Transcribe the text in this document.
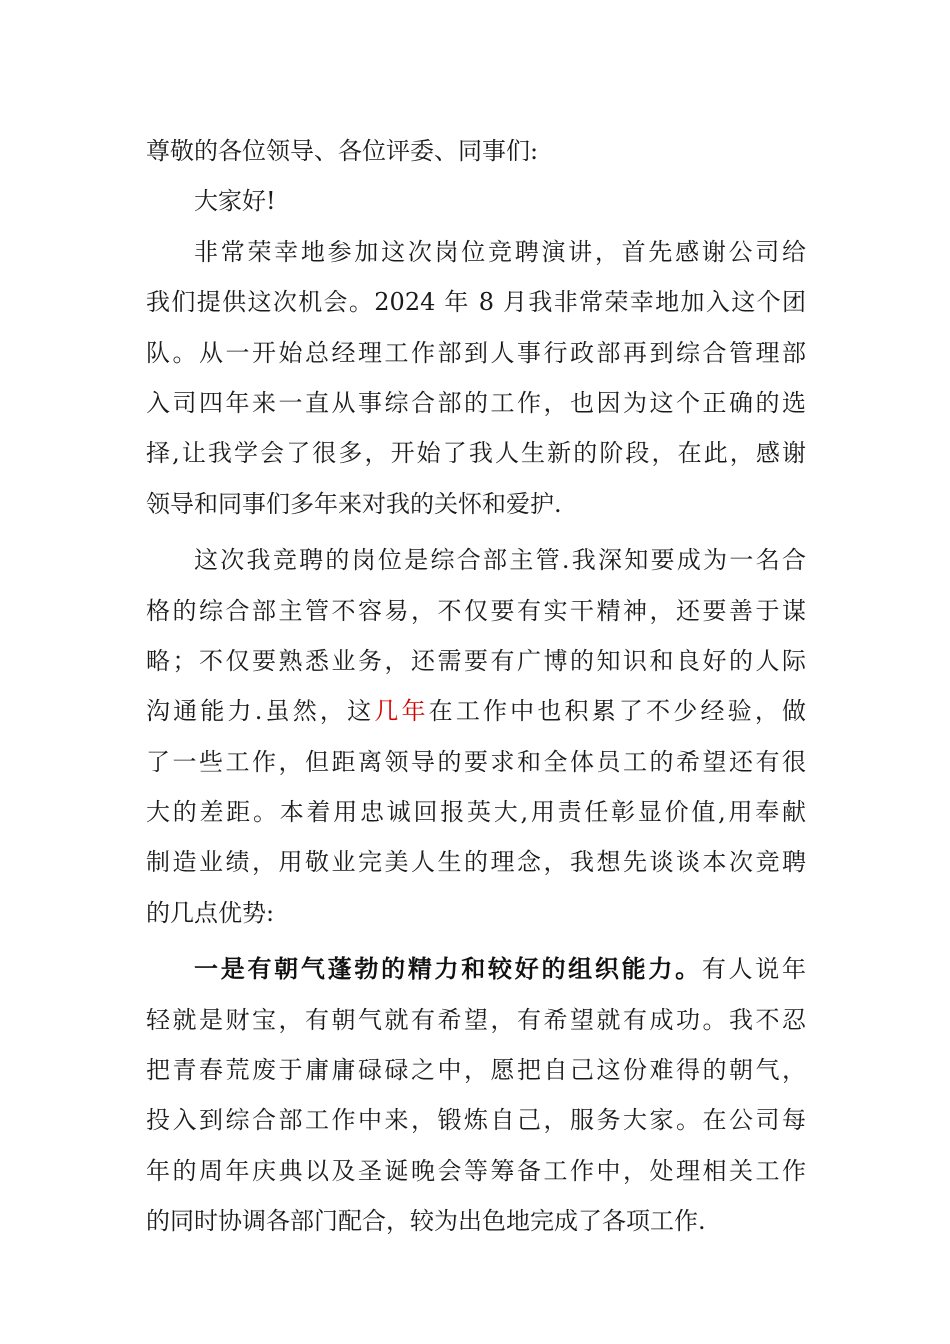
尊敬的各位领导、各位评委、同事们:
大家好!
非常荣幸地参加这次岗位竞聘演讲，首先感谢公司给
我们提供这次机会。2024 年 8 月我非常荣幸地加入这个团
队。从一开始总经理工作部到人事行政部再到综合管理部
入司四年来一直从事综合部的工作，也因为这个正确的选
择,让我学会了很多，开始了我人生新的阶段，在此，感谢
领导和同事们多年来对我的关怀和爱护.
这次我竞聘的岗位是综合部主管.我深知要成为一名合
格的综合部主管不容易，不仅要有实干精神，还要善于谋
略；不仅要熟悉业务，还需要有广博的知识和良好的人际
沟通能力.虽然，这几年在工作中也积累了不少经验，做
了一些工作，但距离领导的要求和全体员工的希望还有很
大的差距。本着用忠诚回报英大,用责任彰显价值,用奉献
制造业绩，用敬业完美人生的理念，我想先谈谈本次竞聘
的几点优势:
一是有朝气蓬勃的精力和较好的组织能力。有人说年
轻就是财宝，有朝气就有希望，有希望就有成功。我不忍
把青春荒废于庸庸碌碌之中，愿把自己这份难得的朝气，
投入到综合部工作中来，锻炼自己，服务大家。在公司每
年的周年庆典以及圣诞晚会等筹备工作中，处理相关工作
的同时协调各部门配合，较为出色地完成了各项工作.
